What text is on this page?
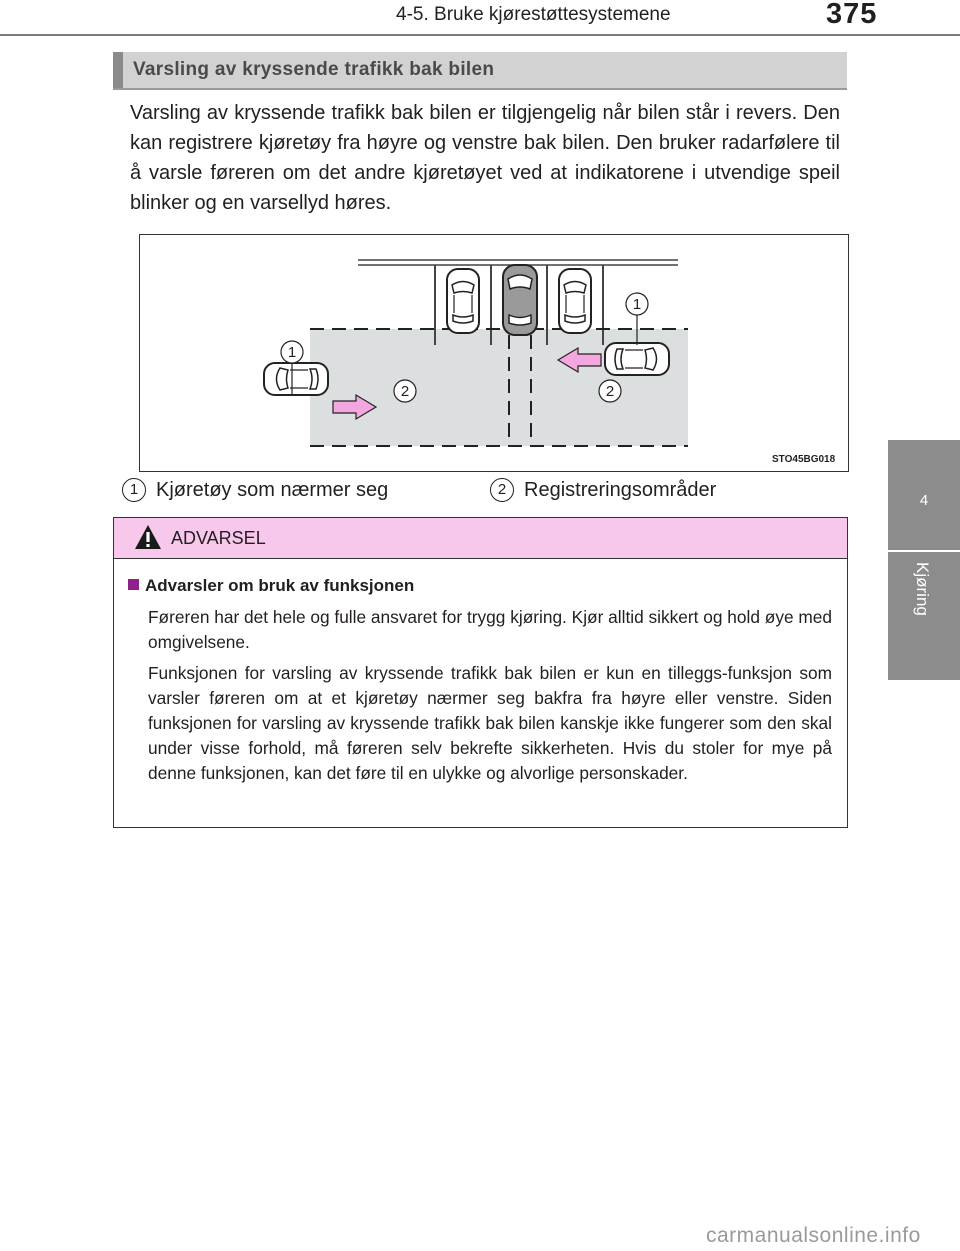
4-5. Bruke kjørestøttesystemene	375
4
Kjøring
Varsling av kryssende trafikk bak bilen

Varsling av kryssende trafikk bak bilen er tilgjengelig når bilen står i revers. Den kan registrere kjøretøy fra høyre og venstre bak bilen. Den bruker radarfølere til å varsle føreren om det andre kjøretøyet ved at indikatorene i utvendige speil blinker og en varsellyd høres.

1
1
2	2
STO45BG018
1 Kjøretøy som nærmer seg	2 Registreringsområder
ADVARSEL
Advarsler om bruk av funksjonen

Føreren har det hele og fulle ansvaret for trygg kjøring. Kjør alltid sikkert og hold øye med omgivelsene.

Funksjonen for varsling av kryssende trafikk bak bilen er kun en tilleggs-funksjon som varsler føreren om at et kjøretøy nærmer seg bakfra fra høyre eller venstre. Siden funksjonen for varsling av kryssende trafikk bak bilen kanskje ikke fungerer som den skal under visse forhold, må føreren selv bekrefte sikkerheten. Hvis du stoler for mye på denne funksjonen, kan det føre til en ulykke og alvorlige personskader.

carmanualsonline.info
